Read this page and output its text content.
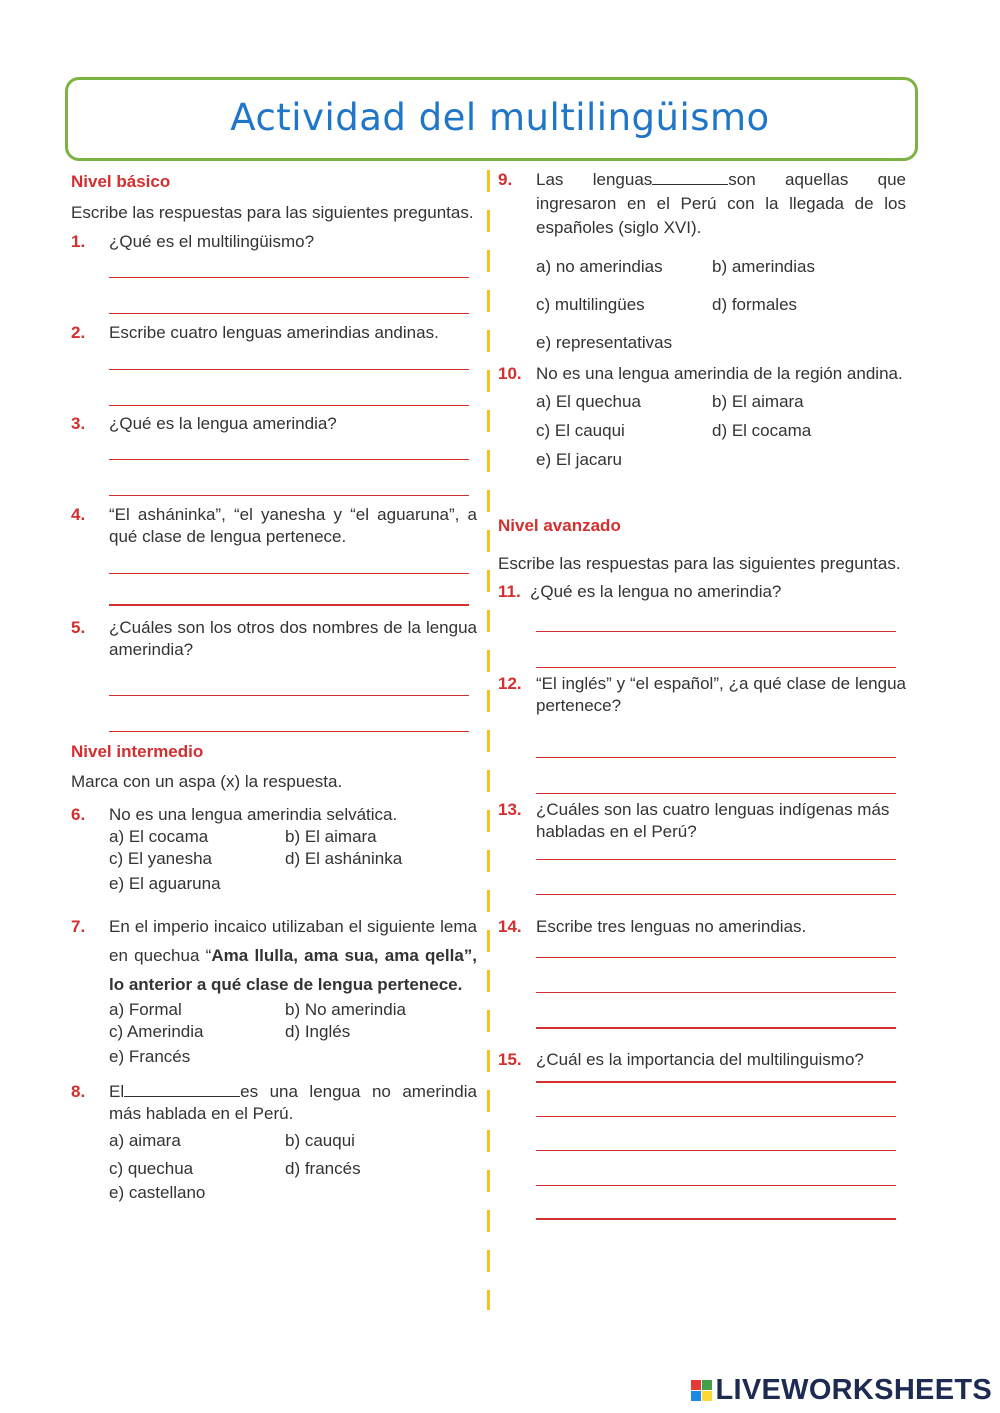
Actividad del multilingüismo
Nivel básico
Escribe las respuestas para las siguientes preguntas.
1.	¿Qué es el multilingüismo?
2.	Escribe cuatro lenguas amerindias andinas.
3.	¿Qué es la lengua amerindia?
4.	“El asháninka”, “el yanesha y “el aguaruna”, a qué clase de lengua pertenece.
5.	¿Cuáles son los otros dos nombres de la lengua amerindia?
Nivel intermedio
Marca con un aspa (x) la respuesta.
6.	No es una lengua amerindia selvática.
a) El cocama	b) El aimara
c) El yanesha	d) El asháninka
e) El aguaruna
7.	En el imperio incaico utilizaban el siguiente lema en quechua “Ama llulla, ama sua, ama qella”, lo anterior a qué clase de lengua pertenece.
a) Formal	b) No amerindia
c) Amerindia	d) Inglés
e) Francés
8.	El	es una lengua no amerindia más hablada en el Perú.
a) aimara	b) cauqui
c) quechua	d) francés
e) castellano
9.	Las lenguas	son aquellas que ingresaron en el Perú con la llegada de los españoles (siglo XVI).
a) no amerindias	b) amerindias
c) multilingües	d) formales
e) representativas
10. No es una lengua amerindia de la región andina.
a) El quechua	b) El aimara
c) El cauqui	d) El cocama
e) El jacaru
Nivel avanzado
Escribe las respuestas para las siguientes preguntas.
11. ¿Qué es la lengua no amerindia?
12. “El inglés” y “el español”, ¿a qué clase de lengua pertenece?
13. ¿Cuáles son las cuatro lenguas indígenas más habladas en el Perú?
14. Escribe tres lenguas no amerindias.
15. ¿Cuál es la importancia del multilinguismo?
LIVEWORKSHEETS
